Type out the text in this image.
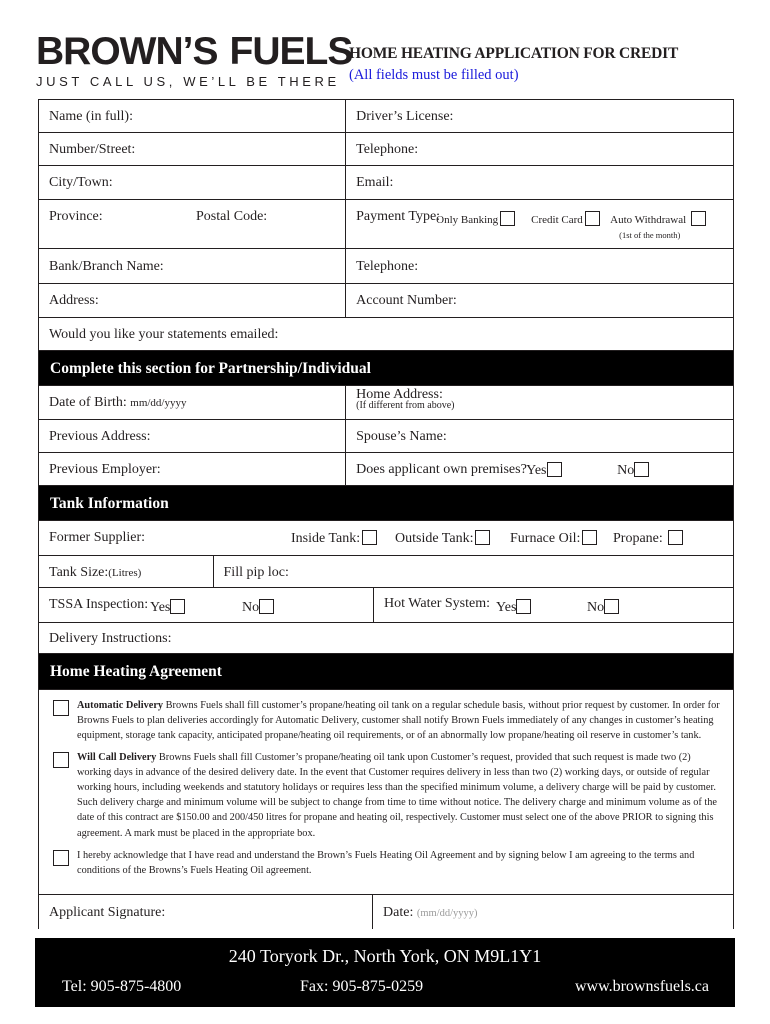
BROWN’S FUELS
JUST CALL US, WE’LL BE THERE
HOME HEATING APPLICATION FOR CREDIT
(All fields must be filled out)
Name (in full):	Driver’s License:
Number/Street:	Telephone:
City/Town:	Email:
Province:	Postal Code:	Payment Type:
Only Banking	Credit Card	Auto Withdrawal
(1st of the month)
Bank/Branch Name:	Telephone:
Address:	Account Number:
Would you like your statements emailed:
Complete this section for Partnership/Individual
Date of Birth: mm/dd/yyyy
Home Address:
(If different from above)
Previous Address:	Spouse’s Name:
Previous Employer:	Does applicant own premises? Yes	No
Tank Information
Former Supplier:	Inside Tank:	Outside Tank:	Furnace Oil:	Propane:
Tank Size:(Litres)	Fill pip loc:
TSSA Inspection: Yes	No	Hot Water System: Yes	No
Delivery Instructions:
Home Heating Agreement
Automatic Delivery Browns Fuels shall fill customer’s propane/heating oil tank on a regular schedule basis, without prior request by customer. In order for Browns Fuels to plan deliveries accordingly for Automatic Delivery, customer shall notify Brown Fuels immediately of any changes in customer’s heating equipment, storage tank capacity, anticipated propane/heating oil requirements, or of an abnormally low propane/heating oil reserve in customer’s tank.
Will Call Delivery Browns Fuels shall fill Customer’s propane/heating oil tank upon Customer’s request, provided that such request is made two (2) working days in advance of the desired delivery date. In the event that Customer requires delivery in less than two (2) working days, or outside of regular working hours, including weekends and statutory holidays or requires less than the specified minimum volume, a delivery charge will be paid by customer. Such delivery charge and minimum volume will be subject to change from time to time without notice. The delivery charge and minimum volume as of the date of this contract are $150.00 and 200/450 litres for propane and heating oil, respectively. Customer must select one of the above PRIOR to signing this agreement. A mark must be placed in the appropriate box.
I hereby acknowledge that I have read and understand the Brown’s Fuels Heating Oil Agreement and by signing below I am agreeing to the terms and conditions of the Browns’s Fuels Heating Oil agreement.
Applicant Signature:	Date: (mm/dd/yyyy)
240 Toryork Dr., North York, ON M9L1Y1
Tel: 905-875-4800	Fax: 905-875-0259	www.brownsfuels.ca
